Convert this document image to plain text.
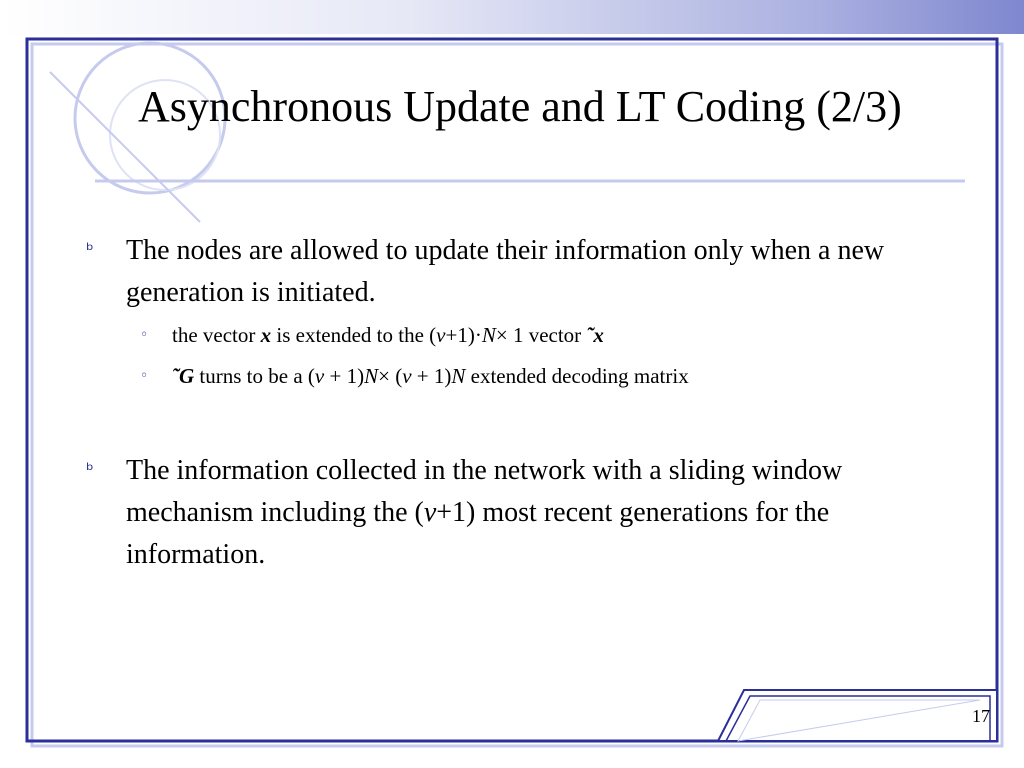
Asynchronous Update and LT Coding (2/3)
ᵇ The nodes are allowed to update their information only when a new generation is initiated.
◦ the vector x is extended to the (v+1)·N× 1 vector ˜x
◦ ˜G turns to be a (v + 1)N× (v + 1)N extended decoding matrix
ᵇ The information collected in the network with a sliding window mechanism including the (v+1) most recent generations for the information.
17
